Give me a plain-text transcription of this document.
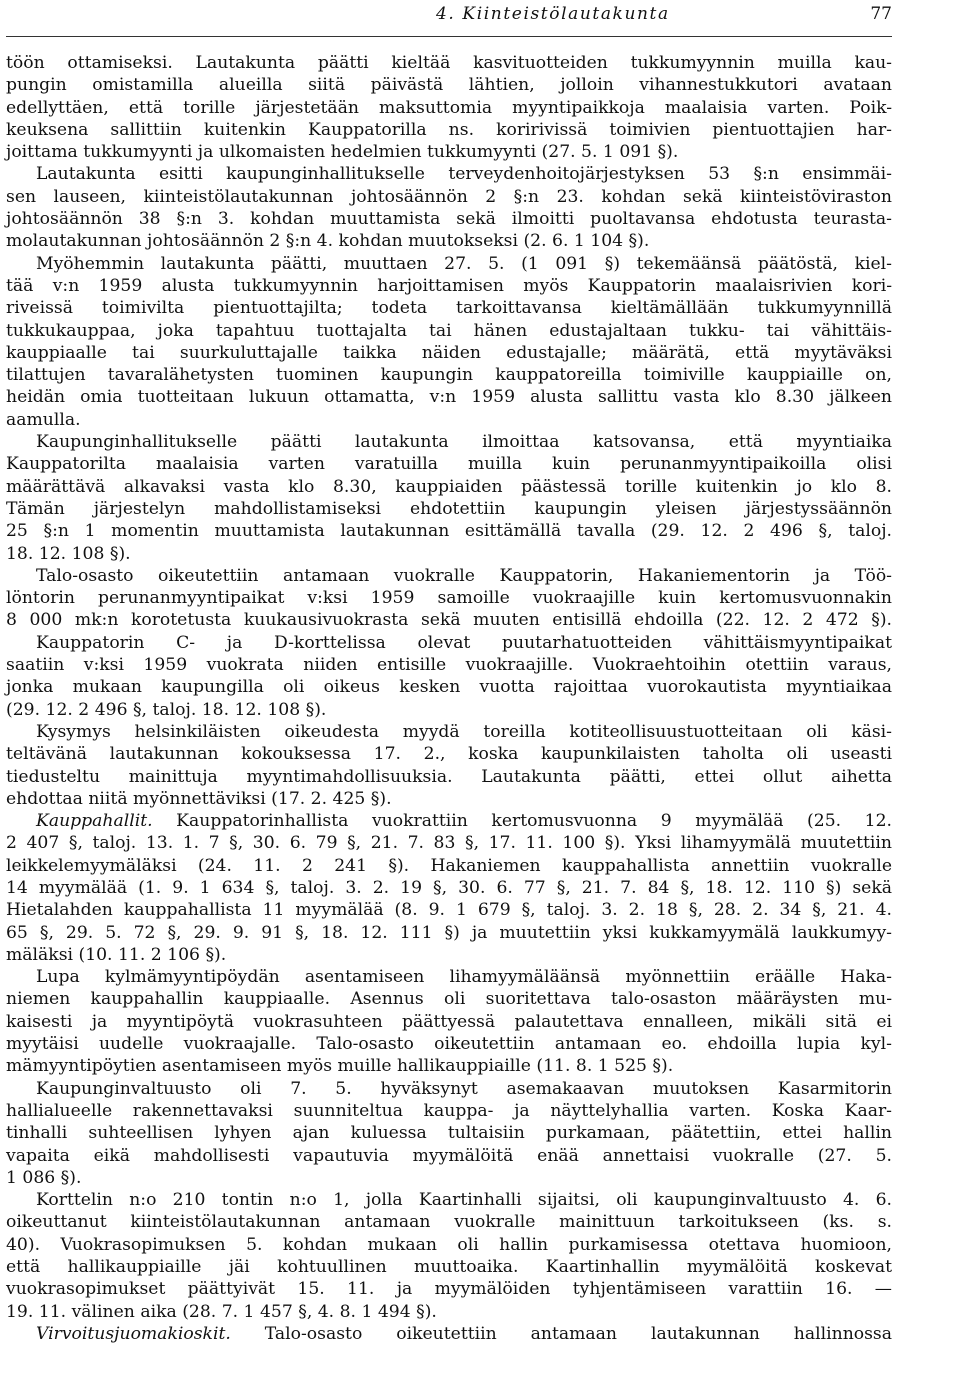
4. Kiinteistölautakunta	77
töön ottamiseksi. Lautakunta päätti kieltää kasvituotteiden tukkumyynnin muilla kau-
pungin omistamilla alueilla siitä päivästä lähtien, jolloin vihannestukkutori avataan
edellyttäen, että torille järjestetään maksuttomia myyntipaikkoja maalaisia varten. Poik-
keuksena sallittiin kuitenkin Kauppatorilla ns. koririvissä toimivien pientuottajien har-
joittama tukkumyynti ja ulkomaisten hedelmien tukkumyynti (27. 5. 1 091 §).
Lautakunta esitti kaupunginhallitukselle terveydenhoitojärjestyksen 53 §:n ensimmäi-
sen lauseen, kiinteistölautakunnan johtosäännön 2 §:n 23. kohdan sekä kiinteistöviraston
johtosäännön 38 §:n 3. kohdan muuttamista sekä ilmoitti puoltavansa ehdotusta teurasta-
molautakunnan johtosäännön 2 §:n 4. kohdan muutokseksi (2. 6. 1 104 §).
Myöhemmin lautakunta päätti, muuttaen 27. 5. (1 091 §) tekemäänsä päätöstä, kiel-
tää v:n 1959 alusta tukkumyynnin harjoittamisen myös Kauppatorin maalaisrivien kori-
riveissä toimivilta pientuottajilta; todeta tarkoittavansa kieltämällään tukkumyynnillä
tukkukauppaa, joka tapahtuu tuottajalta tai hänen edustajaltaan tukku- tai vähittäis-
kauppiaalle tai suurkuluttajalle taikka näiden edustajalle; määrätä, että myytäväksi
tilattujen tavaralähetysten tuominen kaupungin kauppatoreilla toimiville kauppiaille on,
heidän omia tuotteitaan lukuun ottamatta, v:n 1959 alusta sallittu vasta klo 8.30 jälkeen
aamulla.
Kaupunginhallitukselle päätti lautakunta ilmoittaa katsovansa, että myyntiaika
Kauppatorilta maalaisia varten varatuilla muilla kuin perunanmyyntipaikoilla olisi
määrättävä alkavaksi vasta klo 8.30, kauppiaiden päästessä torille kuitenkin jo klo 8.
Tämän järjestelyn mahdollistamiseksi ehdotettiin kaupungin yleisen järjestyssäännön
25 §:n 1 momentin muuttamista lautakunnan esittämällä tavalla (29. 12. 2 496 §, taloj.
18. 12. 108 §).
Talo-osasto oikeutettiin antamaan vuokralle Kauppatorin, Hakaniementorin ja Töö-
löntorin perunanmyyntipaikat v:ksi 1959 samoille vuokraajille kuin kertomusvuonnakin
8 000 mk:n korotetusta kuukausivuokrasta sekä muuten entisillä ehdoilla (22. 12. 2 472 §).
Kauppatorin C- ja D-korttelissa olevat puutarhatuotteiden vähittäismyyntipaikat
saatiin v:ksi 1959 vuokrata niiden entisille vuokraajille. Vuokraehtoihin otettiin varaus,
jonka mukaan kaupungilla oli oikeus kesken vuotta rajoittaa vuorokautista myyntiaikaa
(29. 12. 2 496 §, taloj. 18. 12. 108 §).
Kysymys helsinkiläisten oikeudesta myydä toreilla kotiteollisuustuotteitaan oli käsi-
teltävänä lautakunnan kokouksessa 17. 2., koska kaupunkilaisten taholta oli useasti
tiedusteltu mainittuja myyntimahdollisuuksia. Lautakunta päätti, ettei ollut aihetta
ehdottaa niitä myönnettäviksi (17. 2. 425 §).
Kauppahallit. Kauppatorinhallista vuokrattiin kertomusvuonna 9 myymälää (25. 12.
2 407 §, taloj. 13. 1. 7 §, 30. 6. 79 §, 21. 7. 83 §, 17. 11. 100 §). Yksi lihamyymälä muutettiin
leikkelemyymäläksi (24. 11. 2 241 §). Hakaniemen kauppahallista annettiin vuokralle
14 myymälää (1. 9. 1 634 §, taloj. 3. 2. 19 §, 30. 6. 77 §, 21. 7. 84 §, 18. 12. 110 §) sekä
Hietalahden kauppahallista 11 myymälää (8. 9. 1 679 §, taloj. 3. 2. 18 §, 28. 2. 34 §, 21. 4.
65 §, 29. 5. 72 §, 29. 9. 91 §, 18. 12. 111 §) ja muutettiin yksi kukkamyymälä laukkumyy-
mäläksi (10. 11. 2 106 §).
Lupa kylmämyyntipöydän asentamiseen lihamyymäläänsä myönnettiin eräälle Haka-
niemen kauppahallin kauppiaalle. Asennus oli suoritettava talo-osaston määräysten mu-
kaisesti ja myyntipöytä vuokrasuhteen päättyessä palautettava ennalleen, mikäli sitä ei
myytäisi uudelle vuokraajalle. Talo-osasto oikeutettiin antamaan eo. ehdoilla lupia kyl-
mämyyntipöytien asentamiseen myös muille hallikauppiaille (11. 8. 1 525 §).
Kaupunginvaltuusto oli 7. 5. hyväksynyt asemakaavan muutoksen Kasarmitorin
hallialueelle rakennettavaksi suunniteltua kauppa- ja näyttelyhallia varten. Koska Kaar-
tinhalli suhteellisen lyhyen ajan kuluessa tultaisiin purkamaan, päätettiin, ettei hallin
vapaita eikä mahdollisesti vapautuvia myymälöitä enää annettaisi vuokralle (27. 5.
1 086 §).
Korttelin n:o 210 tontin n:o 1, jolla Kaartinhalli sijaitsi, oli kaupunginvaltuusto 4. 6.
oikeuttanut kiinteistölautakunnan antamaan vuokralle mainittuun tarkoitukseen (ks. s.
40). Vuokrasopimuksen 5. kohdan mukaan oli hallin purkamisessa otettava huomioon,
että hallikauppiaille jäi kohtuullinen muuttoaika. Kaartinhallin myymälöitä koskevat
vuokrasopimukset päättyivät 15. 11. ja myymälöiden tyhjentämiseen varattiin 16. —
19. 11. välinen aika (28. 7. 1 457 §, 4. 8. 1 494 §).
Virvoitusjuomakioskit. Talo-osasto oikeutettiin antamaan lautakunnan hallinnossa
